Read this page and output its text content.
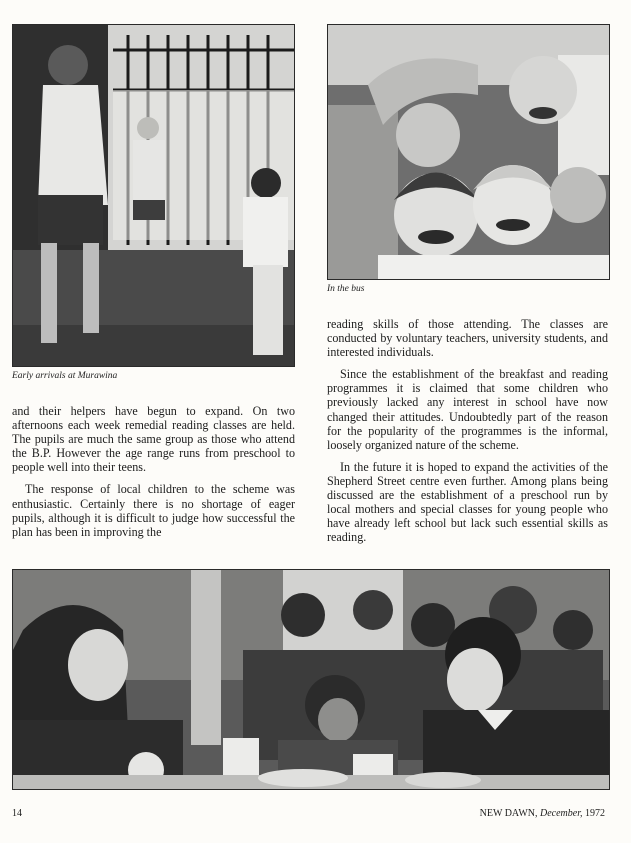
Early arrivals at Murawina
In the bus

and their helpers have begun to expand. On two afternoons each week remedial reading classes are held. The pupils are much the same group as those who attend the B.P. However the age range runs from preschool to people well into their teens.

The response of local children to the scheme was enthusiastic. Certainly there is no shortage of eager pupils, although it is difficult to judge how successful the plan has been in improving the

reading skills of those attending. The classes are conducted by voluntary teachers, university students, and interested individuals.

Since the establishment of the breakfast and reading programmes it is claimed that some children who previously lacked any interest in school have now changed their attitudes. Undoubtedly part of the reason for the popularity of the programmes is the informal, loosely organized nature of the scheme.

In the future it is hoped to expand the activities of the Shepherd Street centre even further. Among plans being discussed are the establishment of a preschool run by local mothers and special classes for young people who have already left school but lack such essential skills as reading.

14	NEW DAWN, December, 1972
